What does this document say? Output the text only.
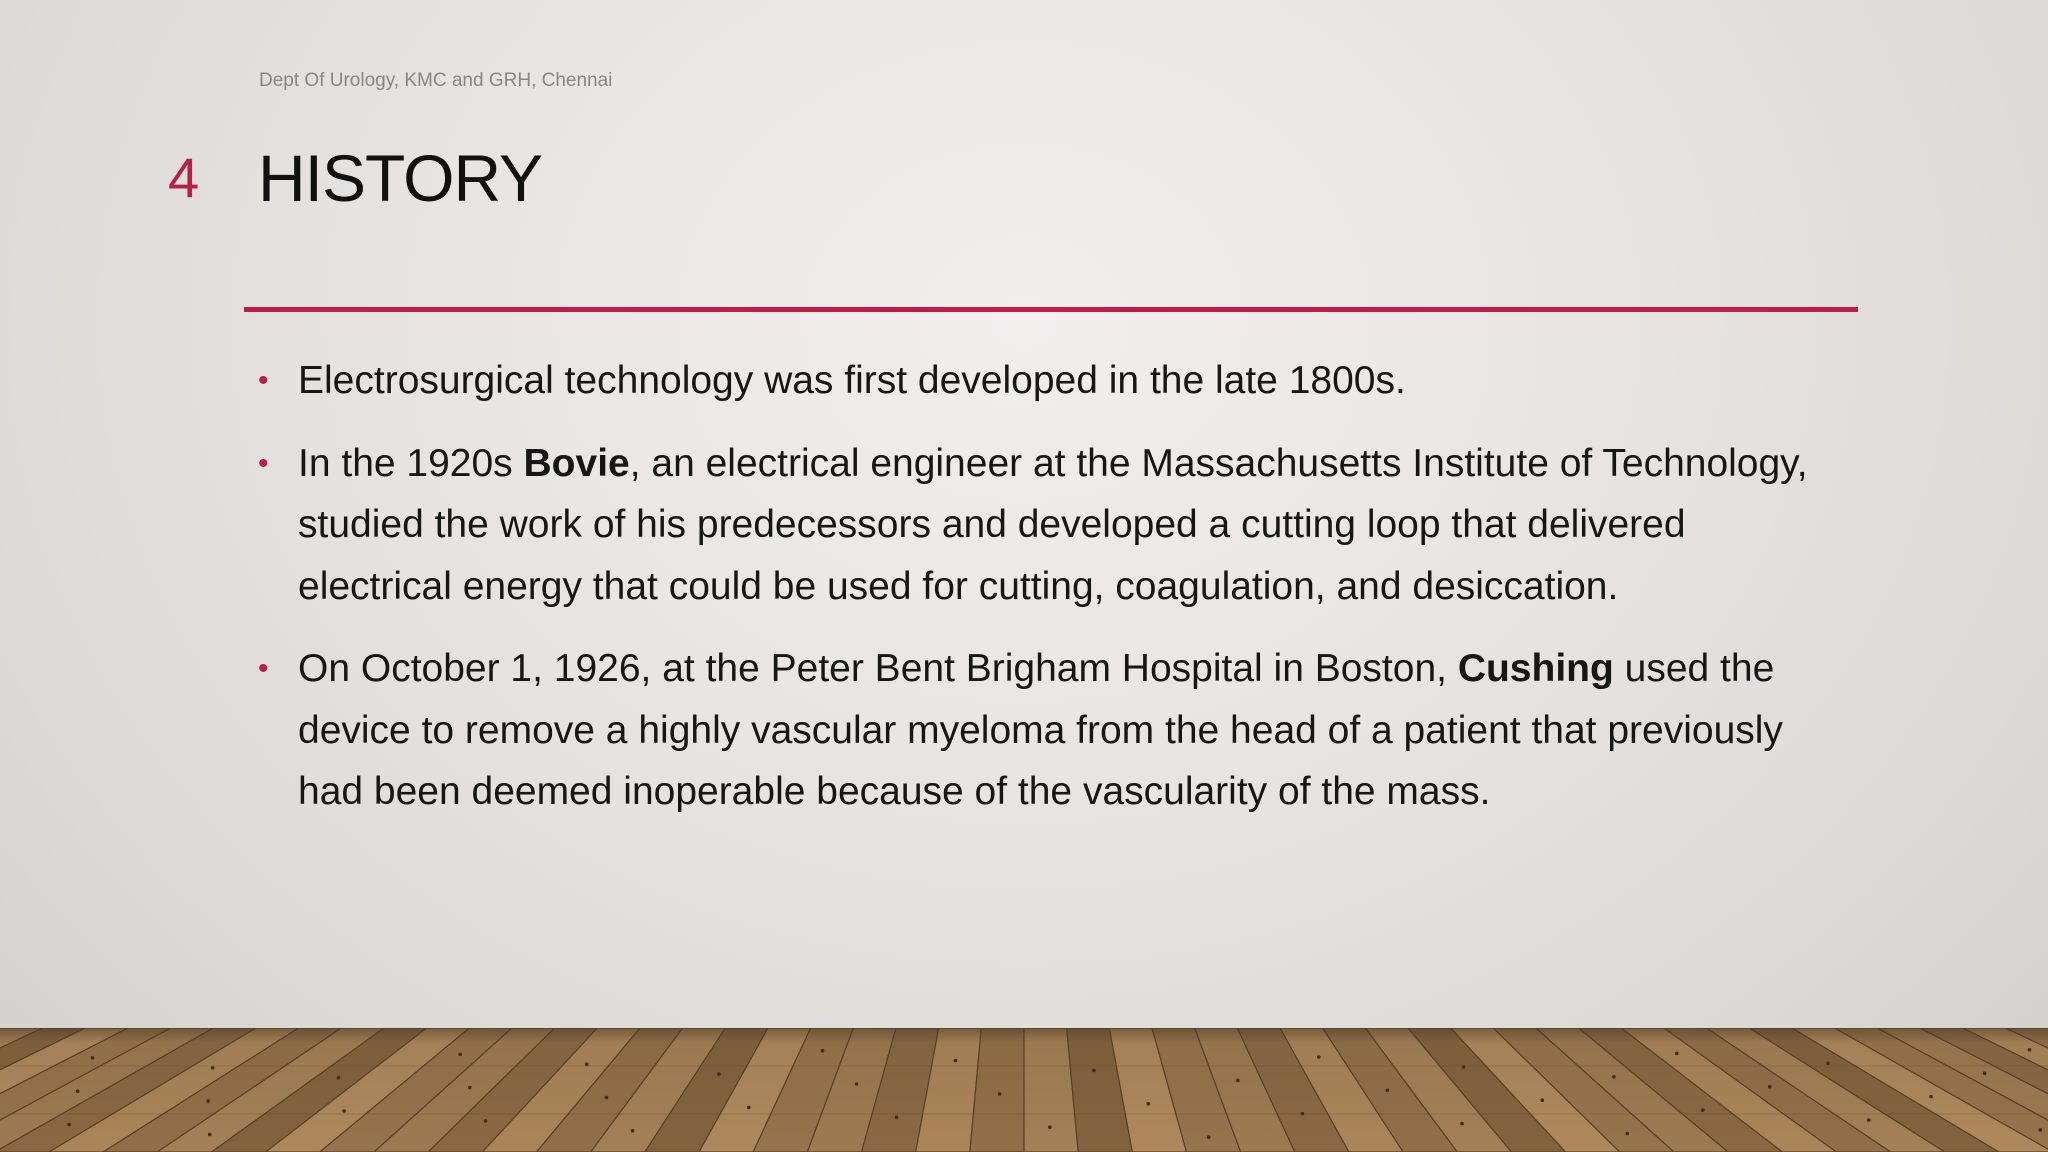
Dept Of Urology, KMC and GRH, Chennai
4 HISTORY
• Electrosurgical technology was first developed in the late 1800s.
• In the 1920s Bovie, an electrical engineer at the Massachusetts Institute of Technology, studied the work of his predecessors and developed a cutting loop that delivered electrical energy that could be used for cutting, coagulation, and desiccation.
• On October 1, 1926, at the Peter Bent Brigham Hospital in Boston, Cushing used the device to remove a highly vascular myeloma from the head of a patient that previously had been deemed inoperable because of the vascularity of the mass.
